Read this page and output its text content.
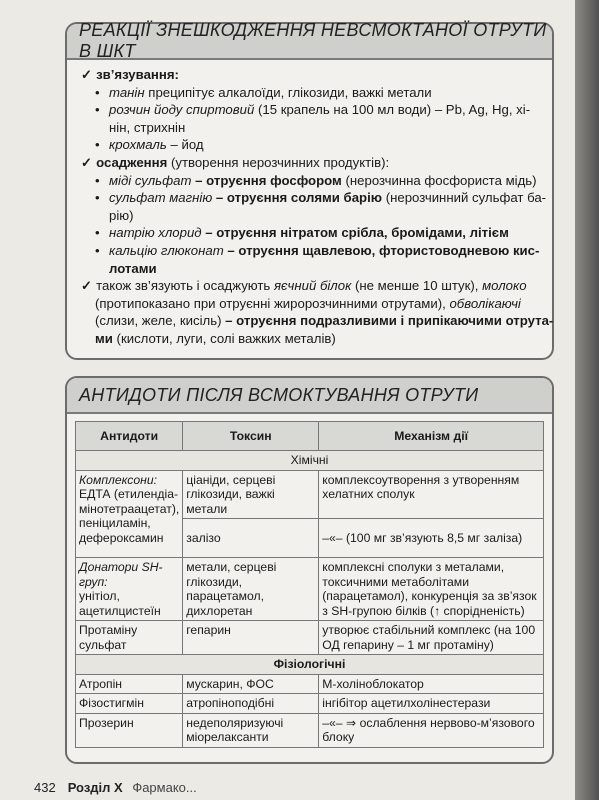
РЕАКЦІЇ ЗНЕШКОДЖЕННЯ НЕВСМОКТАНОЇ ОТРУТИ В ШКТ
✓ зв’язування:
• танін преципітує алкалоїди, глікозиди, важкі метали
• розчин йоду спиртовий (15 крапель на 100 мл води) – Pb, Ag, Hg, хі-
нін, стрихнін
• крохмаль – йод
✓ осадження (утворення нерозчинних продуктів):
• міді сульфат – отруєння фосфором (нерозчинна фосфориста мідь)
• сульфат магнію – отруєння солями барію (нерозчинний сульфат ба-
рію)
• натрію хлорид – отруєння нітратом срібла, бромідами, літієм
• кальцію глюконат – отруєння щавлевою, фтористоводневою кис-
лотами
✓ також зв’язують і осаджують яєчний білок (не менше 10 штук), молоко
(протипоказано при отруєнні жиророзчинними отрутами), обволікаючі
(слизи, желе, кисіль) – отруєння подразливими і припікаючими отрута-
ми (кислоти, луги, солі важких металів)
АНТИДОТИ ПІСЛЯ ВСМОКТУВАННЯ ОТРУТИ
Антидоти	Токсин	Механізм дії
Хімічні		
Комплексони:
ЕДТА (етилендіа-мінотетраацетат), пеніциламін, дефероксамин	ціаніди, серцеві глікозиди, важкі метали	комплексоутворення з утворенням хелатних сполук
	залізо	–«– (100 мг зв’язують 8,5 мг заліза)
Донатори SH-груп:
унітіол, ацетилцистеїн	метали, серцеві глікозиди, парацетамол, дихлоретан	комплексні сполуки з металами, токсичними метаболітами (парацетамол), конкуренція за зв’язок з SH-групою білків (↑ спорідненість)
Протаміну сульфат	гепарин	утворює стабільний комплекс (на 100 ОД гепарину – 1 мг протаміну)
Фізіологічні		
Атропін	мускарин, ФОС	М-холіноблокатор
Фізостигмін	атропіноподібні	інгібітор ацетилхолінестерази
Прозерин	недеполяризуючі міорелаксанти	–«– ⇒ ослаблення нервово-м’язового блоку
432 Розділ X Фармако...
